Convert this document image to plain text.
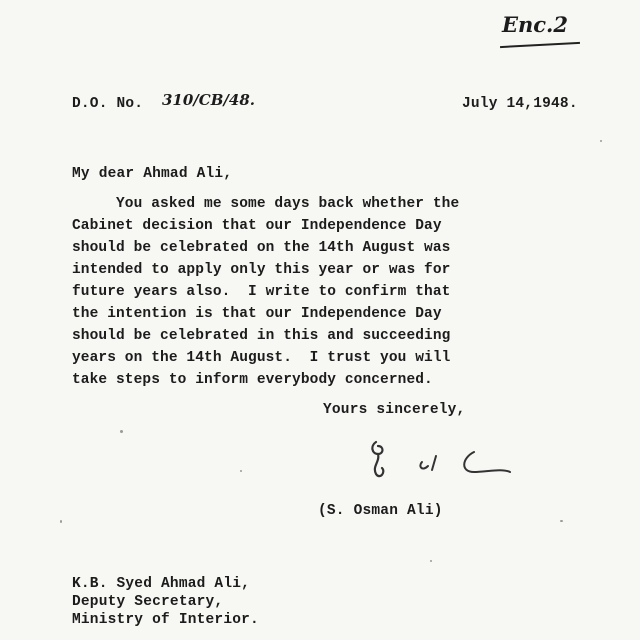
Enc.2
D.O. No. 310/CB/48.	July 14,1948.
My dear Ahmad Ali,
You asked me some days back whether the
Cabinet decision that our Independence Day
should be celebrated on the 14th August was
intended to apply only this year or was for
future years also.  I write to confirm that
the intention is that our Independence Day
should be celebrated in this and succeeding
years on the 14th August.  I trust you will
take steps to inform everybody concerned.
Yours sincerely,
(S. Osman Ali)
K.B. Syed Ahmad Ali,
Deputy Secretary,
Ministry of Interior.
